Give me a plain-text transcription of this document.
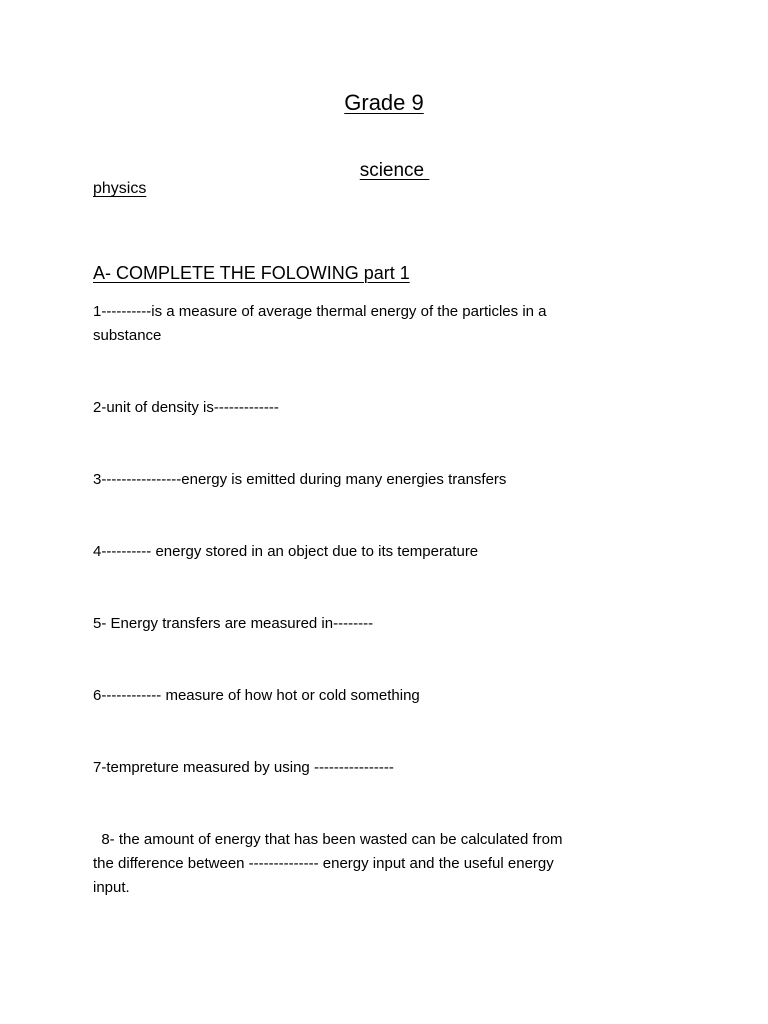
Grade 9

science

physics
A- COMPLETE THE FOLOWING part 1
1----------is a measure of average thermal energy of the particles in a substance
2-unit of density is-------------
3----------------energy is emitted during many energies transfers
4---------- energy stored in an object due to its temperature
5- Energy transfers are measured in--------
6------------ measure of how hot or cold something
7-tempreture measured by using ----------------
8- the amount of energy that has been wasted can be calculated from the difference between -------------- energy input and the useful energy input.
